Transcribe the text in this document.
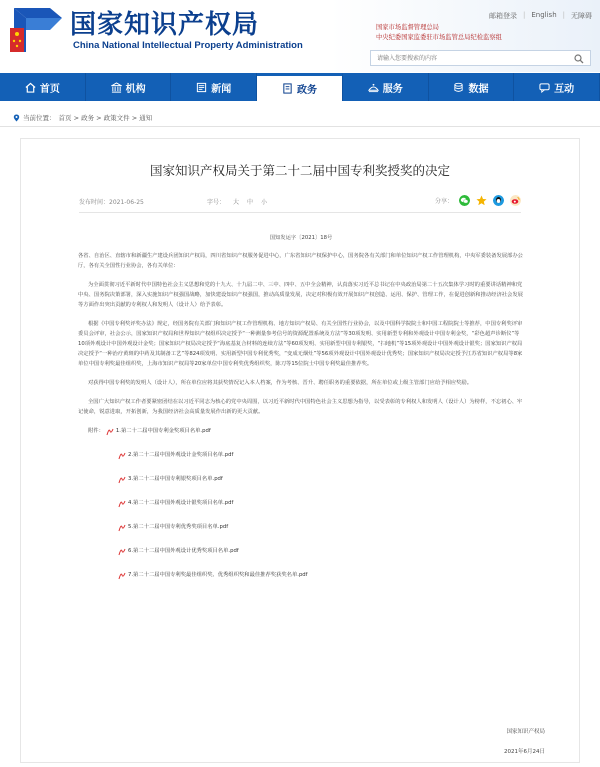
国家知识产权局
China National Intellectual Property Administration
邮箱登录 | English | 无障碍
国家市场监督管理总局
中央纪委国家监委驻市场监管总局纪检监察组
请输入您要搜索的内容
首页	机构	新闻	政务	服务	数据	互动
当前位置： 首页 > 政务 > 政策文件 > 通知
国家知识产权局关于第二十二届中国专利奖授奖的决定
发布时间：2021-06-25	字号： 大 中 小	分享：
国知发运字〔2021〕18号

各省、自治区、直辖市和新疆生产建设兵团知识产权局，四川省知识产权服务促进中心，广东省知识产权保护中心，国务院各有关部门和单位知识产权工作管理机构，中央军委装备发展部办公厅，各有关全国性行业协会，各有关单位：

为全面贯彻习近平新时代中国特色社会主义思想和党的十九大、十九届二中、三中、四中、五中全会精神，认真落实习近平总书记在中央政治局第二十五次集体学习时的重要讲话精神和党中央、国务院决策部署，深入实施知识产权强国战略，加快建设知识产权强国，推动高质量发展，决定对积极有效开展知识产权创造、运用、保护、管理工作，在促进创新和推动经济社会发展等方面作出突出贡献的专利权人和发明人（设计人）给予表彰。

根据《中国专利奖评奖办法》规定，经国务院有关部门和知识产权工作管理机构、地方知识产权局、有关全国性行业协会，以及中国科学院院士和中国工程院院士等推荐，中国专利奖评审委员会评审，社会公示，国家知识产权局和世界知识产权组织决定授予“一种测量参考信号的资源配置系统及方法”等30项发明、实用新型专利和外观设计中国专利金奖，“彩色超声诊断仪”等10项外观设计中国外观设计金奖；国家知识产权局决定授予“海底基复合材料的连续方法”等60项发明、实用新型中国专利银奖，“扫地机”等15项外观设计中国外观设计银奖；国家知识产权局决定授予“一种治疗黄斑的中药及其制备工艺”等824项发明、实用新型中国专利优秀奖，“变成无烟灶”等56项外观设计中国外观设计优秀奖；国家知识产权局决定授予江苏省知识产权局等8家单位中国专利奖最佳组织奖，上海市知识产权局等20家单位中国专利奖优秀组织奖，陈刀等15位院士中国专利奖最佳推荐奖。

对获得中国专利奖的发明人（设计人），所在单位应将其获奖情况记入本人档案，作为考核、晋升、聘任职务的重要依据，所在单位或上级主管部门应给予相应奖励。

全国广大知识产权工作者要紧密团结在以习近平同志为核心的党中央周围，以习近平新时代中国特色社会主义思想为指导，以受表彰的专利权人和发明人（设计人）为榜样，不忘初心、牢记使命，锐意进取，开拓创新，为我国经济社会高质量发展作出新的更大贡献。

附件： 1.第二十二届中国专利金奖项目名单.pdf
2.第二十二届中国外观设计金奖项目名单.pdf
3.第二十二届中国专利银奖项目名单.pdf
4.第二十二届中国外观设计银奖项目名单.pdf
5.第二十二届中国专利优秀奖项目名单.pdf
6.第二十二届中国外观设计优秀奖项目名单.pdf
7.第二十二届中国专利奖最佳组织奖、优秀组织奖和最佳推荐奖获奖名单.pdf
国家知识产权局
2021年6月24日
